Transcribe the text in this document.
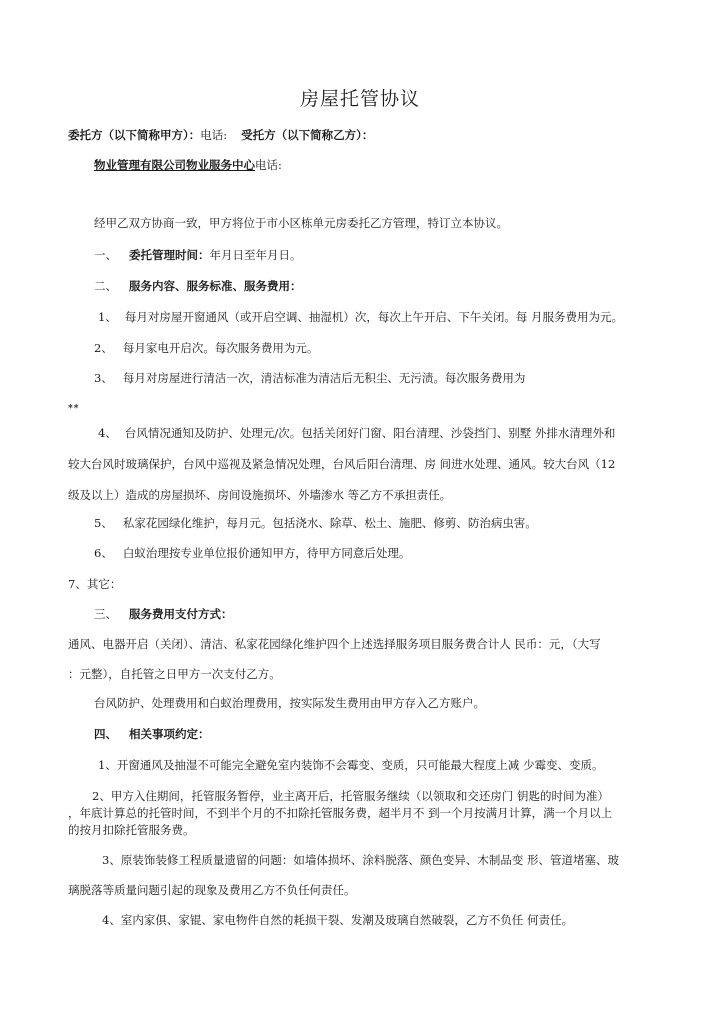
房屋托管协议
委托方（以下简称甲方）：电话: 受托方（以下简称乙方）：
物业管理有限公司物业服务中心电话:
经甲乙双方协商一致，甲方将位于市小区栋单元房委托乙方管理，特订立本协议。
一、 委托管理时间：年月日至年月日。
二、 服务内容、服务标准、服务费用：
1、 每月对房屋开窗通风（或开启空调、抽湿机）次，每次上午开启、下午关闭。每 月服务费用为元。
2、 每月家电开启次。每次服务费用为元。
3、 每月对房屋进行清洁一次，清洁标准为清洁后无积尘、无污渍。每次服务费用为
**
4、 台风情况通知及防护、处理元/次。包括关闭好门窗、阳台清理、沙袋挡门、别墅 外排水清理外和
较大台风时玻璃保护，台风中巡视及紧急情况处理，台风后阳台清理、房 间进水处理、通风。较大台风（12
级及以上）造成的房屋损坏、房间设施损坏、外墙渗水 等乙方不承担责任。
5、 私家花园绿化维护，每月元。包括浇水、除草、松土、施肥、修剪、防治病虫害。
6、 白蚁治理按专业单位报价通知甲方，待甲方同意后处理。
7、其它：
三、 服务费用支付方式：
通风、电器开启（关闭）、清洁、私家花园绿化维护四个上述选择服务项目服务费合计人 民币：元，（大写
：元整），自托管之日甲方一次支付乙方。
台风防护、处理费用和白蚁治理费用，按实际发生费用由甲方存入乙方账户。
四、 相关事项约定：
1、开窗通风及抽湿不可能完全避免室内装饰不会霉变、变质，只可能最大程度上减 少霉变、变质。
2、甲方入住期间，托管服务暂停，业主离开后，托管服务继续（以领取和交还房门 钥匙的时间为准）
，年底计算总的托管时间，不到半个月的不扣除托管服务费，超半月不 到一个月按满月计算，满一个月以上
的按月扣除托管服务费。
3、原装饰装修工程质量遗留的问题：如墙体损坏、涂料脱落、颜色变异、木制品变 形、管道堵塞、玻
璃脱落等质量问题引起的现象及费用乙方不负任何责任。
4、室内家俱、家锟、家电物件自然的耗损干裂、发潮及玻璃自然破裂，乙方不负任 何责任。
